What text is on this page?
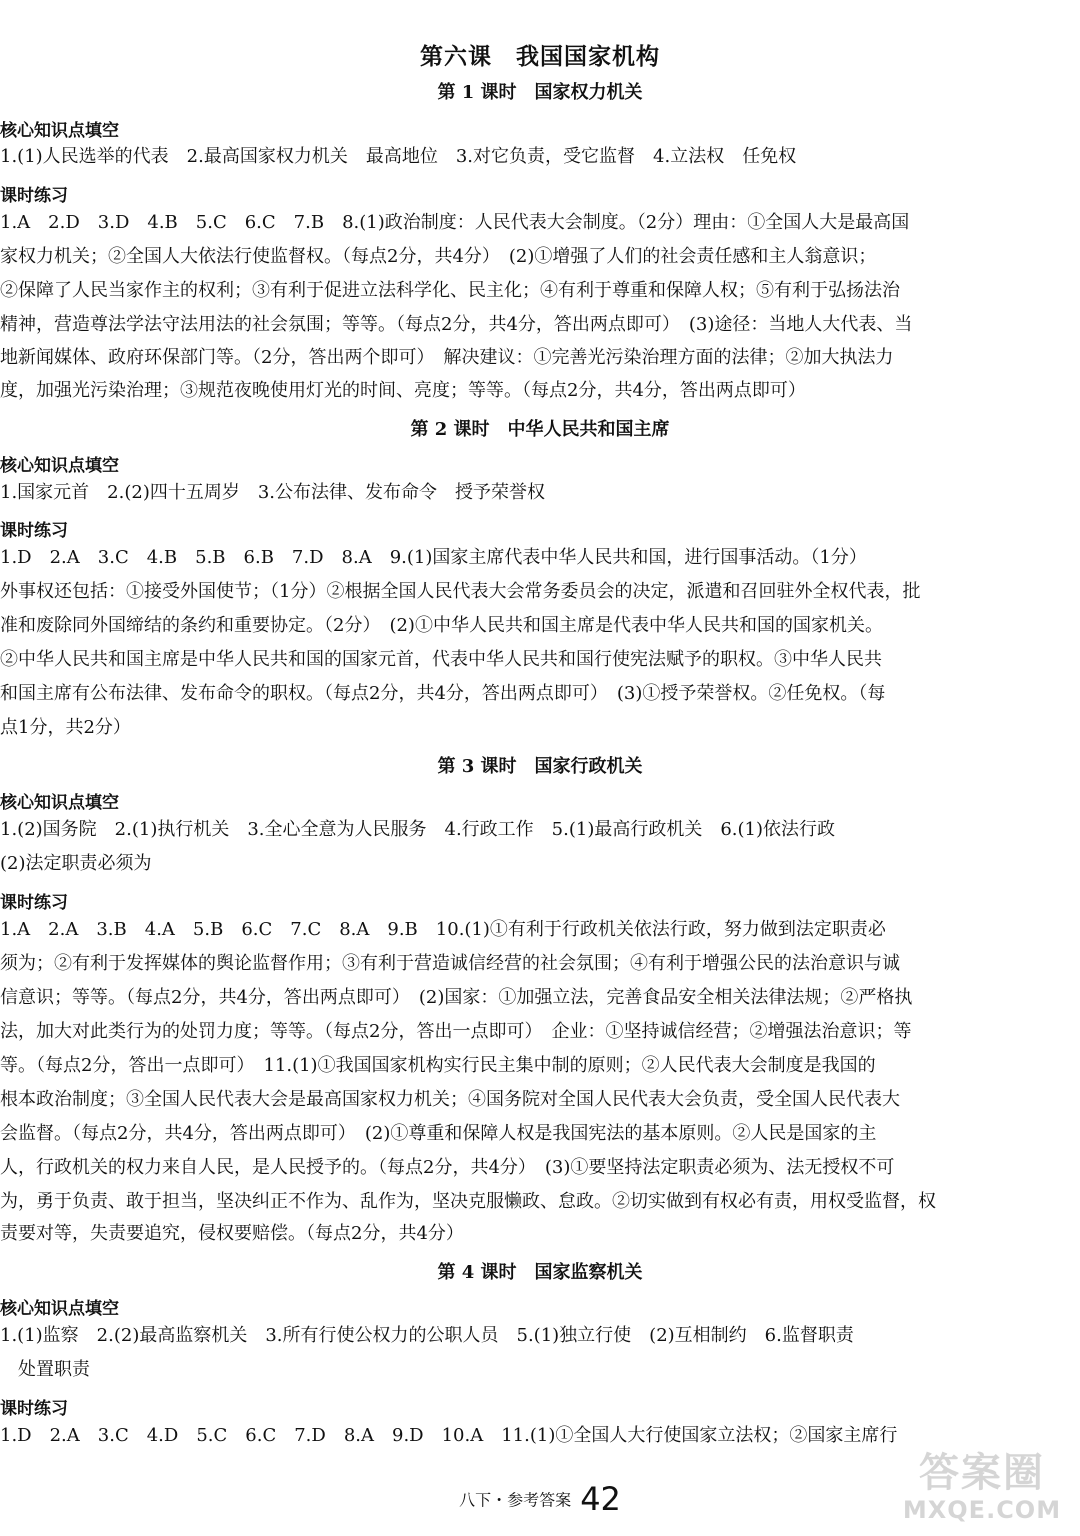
第六课　我国国家机构
第 1 课时　国家权力机关
核心知识点填空
1.(1)人民选举的代表　2.最高国家权力机关　最高地位　3.对它负责，受它监督　4.立法权　任免权
课时练习
1.A　2.D　3.D　4.B　5.C　6.C　7.B　8.(1)政治制度：人民代表大会制度。（2分）理由：①全国人大是最高国
家权力机关；②全国人大依法行使监督权。（每点2分，共4分）　(2)①增强了人们的社会责任感和主人翁意识；
②保障了人民当家作主的权利；③有利于促进立法科学化、民主化；④有利于尊重和保障人权；⑤有利于弘扬法治
精神，营造尊法学法守法用法的社会氛围；等等。（每点2分，共4分，答出两点即可）　(3)途径：当地人大代表、当
地新闻媒体、政府环保部门等。（2分，答出两个即可）　解决建议：①完善光污染治理方面的法律；②加大执法力
度，加强光污染治理；③规范夜晚使用灯光的时间、亮度；等等。（每点2分，共4分，答出两点即可）
第 2 课时　中华人民共和国主席
核心知识点填空
1.国家元首　2.(2)四十五周岁　3.公布法律、发布命令　授予荣誉权
课时练习
1.D　2.A　3.C　4.B　5.B　6.B　7.D　8.A　9.(1)国家主席代表中华人民共和国，进行国事活动。（1分）
外事权还包括：①接受外国使节；（1分）②根据全国人民代表大会常务委员会的决定，派遣和召回驻外全权代表，批
准和废除同外国缔结的条约和重要协定。（2分）　(2)①中华人民共和国主席是代表中华人民共和国的国家机关。
②中华人民共和国主席是中华人民共和国的国家元首，代表中华人民共和国行使宪法赋予的职权。③中华人民共
和国主席有公布法律、发布命令的职权。（每点2分，共4分，答出两点即可）　(3)①授予荣誉权。②任免权。（每
点1分，共2分）
第 3 课时　国家行政机关
核心知识点填空
1.(2)国务院　2.(1)执行机关　3.全心全意为人民服务　4.行政工作　5.(1)最高行政机关　6.(1)依法行政
(2)法定职责必须为
课时练习
1.A　2.A　3.B　4.A　5.B　6.C　7.C　8.A　9.B　10.(1)①有利于行政机关依法行政，努力做到法定职责必
须为；②有利于发挥媒体的舆论监督作用；③有利于营造诚信经营的社会氛围；④有利于增强公民的法治意识与诚
信意识；等等。（每点2分，共4分，答出两点即可）　(2)国家：①加强立法，完善食品安全相关法律法规；②严格执
法，加大对此类行为的处罚力度；等等。（每点2分，答出一点即可）　企业：①坚持诚信经营；②增强法治意识；等
等。（每点2分，答出一点即可）　11.(1)①我国国家机构实行民主集中制的原则；②人民代表大会制度是我国的
根本政治制度；③全国人民代表大会是最高国家权力机关；④国务院对全国人民代表大会负责，受全国人民代表大
会监督。（每点2分，共4分，答出两点即可）　(2)①尊重和保障人权是我国宪法的基本原则。②人民是国家的主
人，行政机关的权力来自人民，是人民授予的。（每点2分，共4分）　(3)①要坚持法定职责必须为、法无授权不可
为，勇于负责、敢于担当，坚决纠正不作为、乱作为，坚决克服懒政、怠政。②切实做到有权必有责，用权受监督，权
责要对等，失责要追究，侵权要赔偿。（每点2分，共4分）
第 4 课时　国家监察机关
核心知识点填空
1.(1)监察　2.(2)最高监察机关　3.所有行使公权力的公职人员　5.(1)独立行使　(2)互相制约　6.监督职责
　处置职责
课时练习
1.D　2.A　3.C　4.D　5.C　6.C　7.D　8.A　9.D　10.A　11.(1)①全国人大行使国家立法权；②国家主席行
八下・参考答案 42
答案圈
MXQE.COM
